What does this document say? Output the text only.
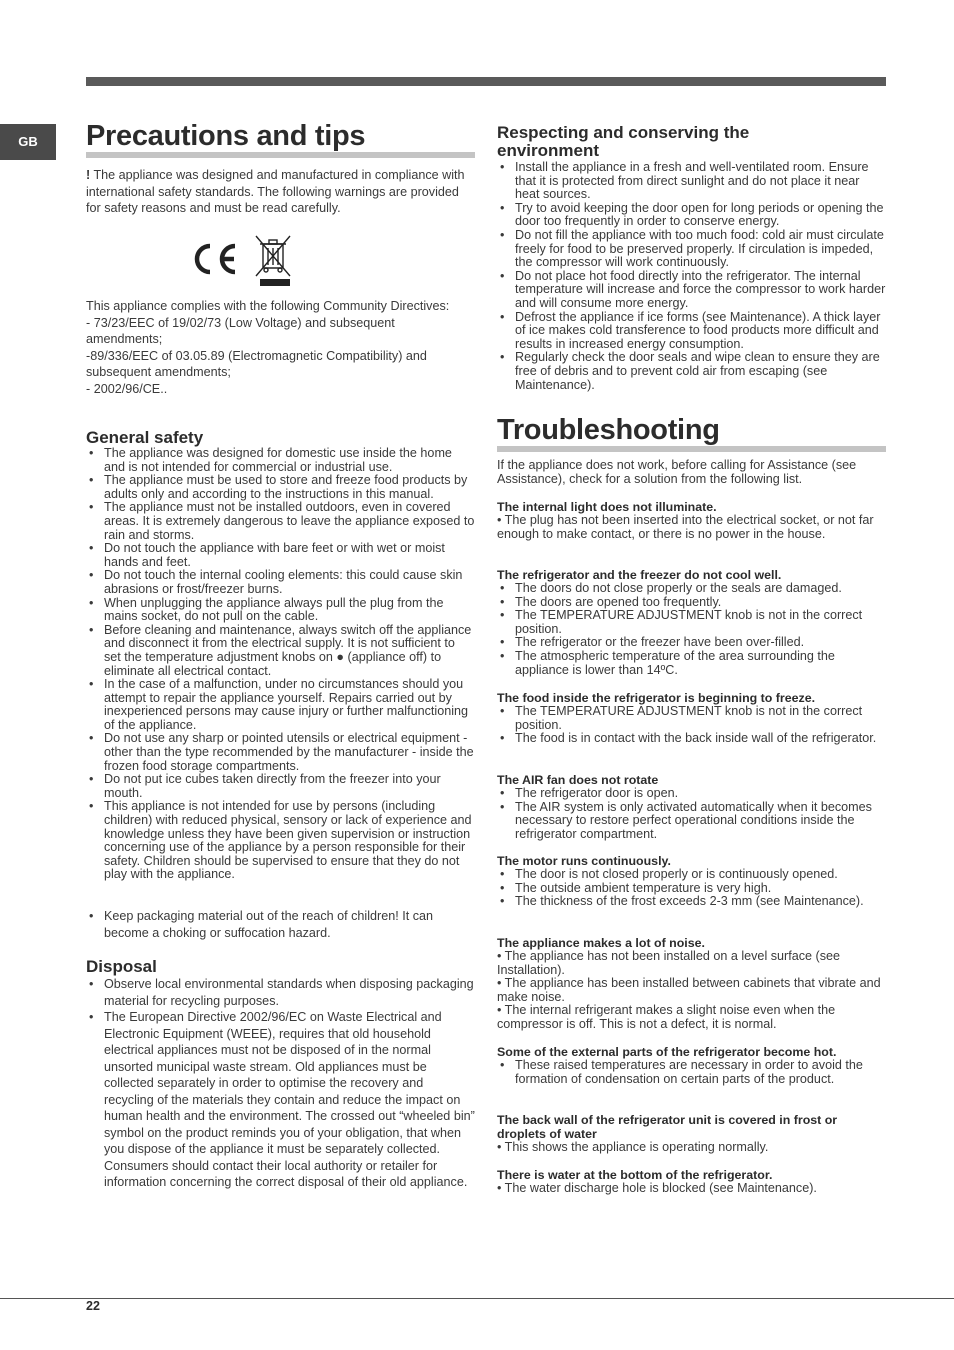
GB	Precautions and tips

! The appliance was designed and manufactured in compliance with international safety standards. The following warnings are provided for safety reasons and must be read carefully.

This appliance complies with the following Community Directives:

- 73/23/EEC of 19/02/73 (Low Voltage) and subsequent amendments;

-89/336/EEC of 03.05.89 (Electromagnetic Compatibility) and subsequent amendments;

- 2002/96/CE..

General safety
• The appliance was designed for domestic use inside the home and is not intended for commercial or industrial use.
• The appliance must be used to store and freeze food products by adults only and according to the instructions in this manual.
• The appliance must not be installed outdoors, even in covered areas. It is extremely dangerous to leave the appliance exposed to rain and storms.
• Do not touch the appliance with bare feet or with wet or moist hands and feet.
• Do not touch the internal cooling elements: this could cause skin abrasions or frost/freezer burns.
• When unplugging the appliance always pull the plug from the mains socket, do not pull on the cable.
• Before cleaning and maintenance, always switch off the appliance and disconnect it from the electrical supply. It is not sufficient to set the temperature adjustment knobs on ● (appliance off) to eliminate all electrical contact.
• In the case of a malfunction, under no circumstances should you attempt to repair the appliance yourself. Repairs carried out by inexperienced persons may cause injury or further malfunctioning of the appliance.
• Do not use any sharp or pointed utensils or electrical equipment - other than the type recommended by the manufacturer - inside the frozen food storage compartments.
• Do not put ice cubes taken directly from the freezer into your mouth.
• This appliance is not intended for use by persons (including children) with reduced physical, sensory or lack of experience and knowledge unless they have been given supervision or instruction concerning use of the appliance by a person responsible for their safety. Children should be supervised to ensure that they do not play with the appliance.
• Keep packaging material out of the reach of children! It can become a choking or suffocation hazard.
Disposal
• Observe local environmental standards when disposing packaging material for recycling purposes.
• The European Directive 2002/96/EC on Waste Electrical and Electronic Equipment (WEEE), requires that old household electrical appliances must not be disposed of in the normal unsorted municipal waste stream. Old appliances must be collected separately in order to optimise the recovery and recycling of the materials they contain and reduce the impact on human health and the environment. The crossed out “wheeled bin” symbol on the product reminds you of your obligation, that when you dispose of the appliance it must be separately collected. Consumers should contact their local authority or retailer for information concerning the correct disposal of their old appliance.
Respecting and conserving the environment
• Install the appliance in a fresh and well-ventilated room. Ensure that it is protected from direct sunlight and do not place it near heat sources.
• Try to avoid keeping the door open for long periods or opening the door too frequently in order to conserve energy.
• Do not fill the appliance with too much food: cold air must circulate freely for food to be preserved properly. If circulation is impeded, the compressor will work continuously.
• Do not place hot food directly into the refrigerator. The internal temperature will increase and force the compressor to work harder and will consume more energy.
• Defrost the appliance if ice forms (see Maintenance). A thick layer of ice makes cold transference to food products more difficult and results in increased energy consumption.
• Regularly check the door seals and wipe clean to ensure they are free of debris and to prevent cold air from escaping (see Maintenance).
Troubleshooting

If the appliance does not work, before calling for Assistance (see Assistance), check for a solution from the following list.

The internal light does not illuminate.

• The plug has not been inserted into the electrical socket, or not far enough to make contact, or there is no power in the house.

The refrigerator and the freezer do not cool well.
• The doors do not close properly or the seals are damaged.
• The doors are opened too frequently.
• The TEMPERATURE ADJUSTMENT knob is not in the correct position.
• The refrigerator or the freezer have been over-filled.
• The atmospheric temperature of the area surrounding the appliance is lower than 14ºC.
The food inside the refrigerator is beginning to freeze.
• The TEMPERATURE ADJUSTMENT knob is not in the correct position.
• The food is in contact with the back inside wall of the refrigerator.
The AIR fan does not rotate
• The refrigerator door is open.
• The AIR system is only activated automatically when it becomes necessary to restore perfect operational conditions inside the refrigerator compartment.
The motor runs continuously.
• The door is not closed properly or is continuously opened.
• The outside ambient temperature is very high.
• The thickness of the frost exceeds 2-3 mm (see Maintenance).
The appliance makes a lot of noise.

• The appliance has not been installed on a level surface (see Installation).

• The appliance has been installed between cabinets that vibrate and make noise.

• The internal refrigerant makes a slight noise even when the compressor is off. This is not a defect, it is normal.

Some of the external parts of the refrigerator become hot.
• These raised temperatures are necessary in order to avoid the formation of condensation on certain parts of the product.
The back wall of the refrigerator unit is covered in frost or droplets of water

• This shows the appliance is operating normally.

There is water at the bottom of the refrigerator.

• The water discharge hole is blocked (see Maintenance).

22
